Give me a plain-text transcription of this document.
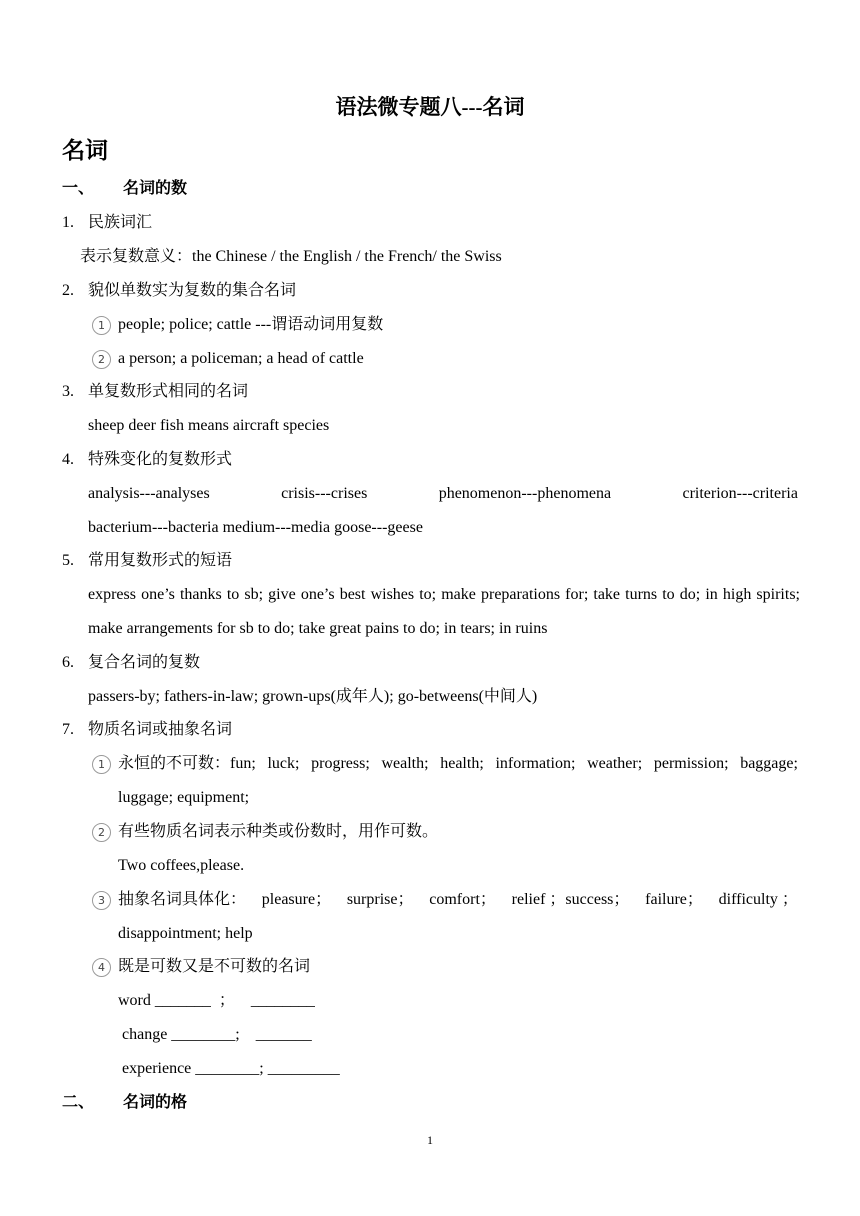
语法微专题八---名词
名词
一、 名词的数
1. 民族词汇
表示复数意义：the Chinese / the English / the French/ the Swiss
2. 貌似单数实为复数的集合名词
1 people; police; cattle ---谓语动词用复数
2 a person; a policeman; a head of cattle
3. 单复数形式相同的名词
sheep deer fish means aircraft species
4. 特殊变化的复数形式
analysis---analyses	crisis---crises	phenomenon---phenomena	criterion---criteria
bacterium---bacteria medium---media goose---geese
5. 常用复数形式的短语
express one’s thanks to sb; give one’s best wishes to; make preparations for; take turns to do; in high spirits; make arrangements for sb to do; take great pains to do; in tears; in ruins
6. 复合名词的复数
passers-by; fathers-in-law; grown-ups(成年人); go-betweens(中间人)
7. 物质名词或抽象名词
1 永恒的不可数：fun; luck; progress; wealth; health; information; weather; permission; baggage;
luggage; equipment;
2 有些物质名词表示种类或份数时，用作可数。
Two coffees,please.
3 抽象名词具体化： pleasure； surprise； comfort； relief ；success； failure； difficulty ；
disappointment; help
4 既是可数又是不可数的名词
word _______  ；    ________
change ________;    _______
experience ________; _________
二、 名词的格
1
